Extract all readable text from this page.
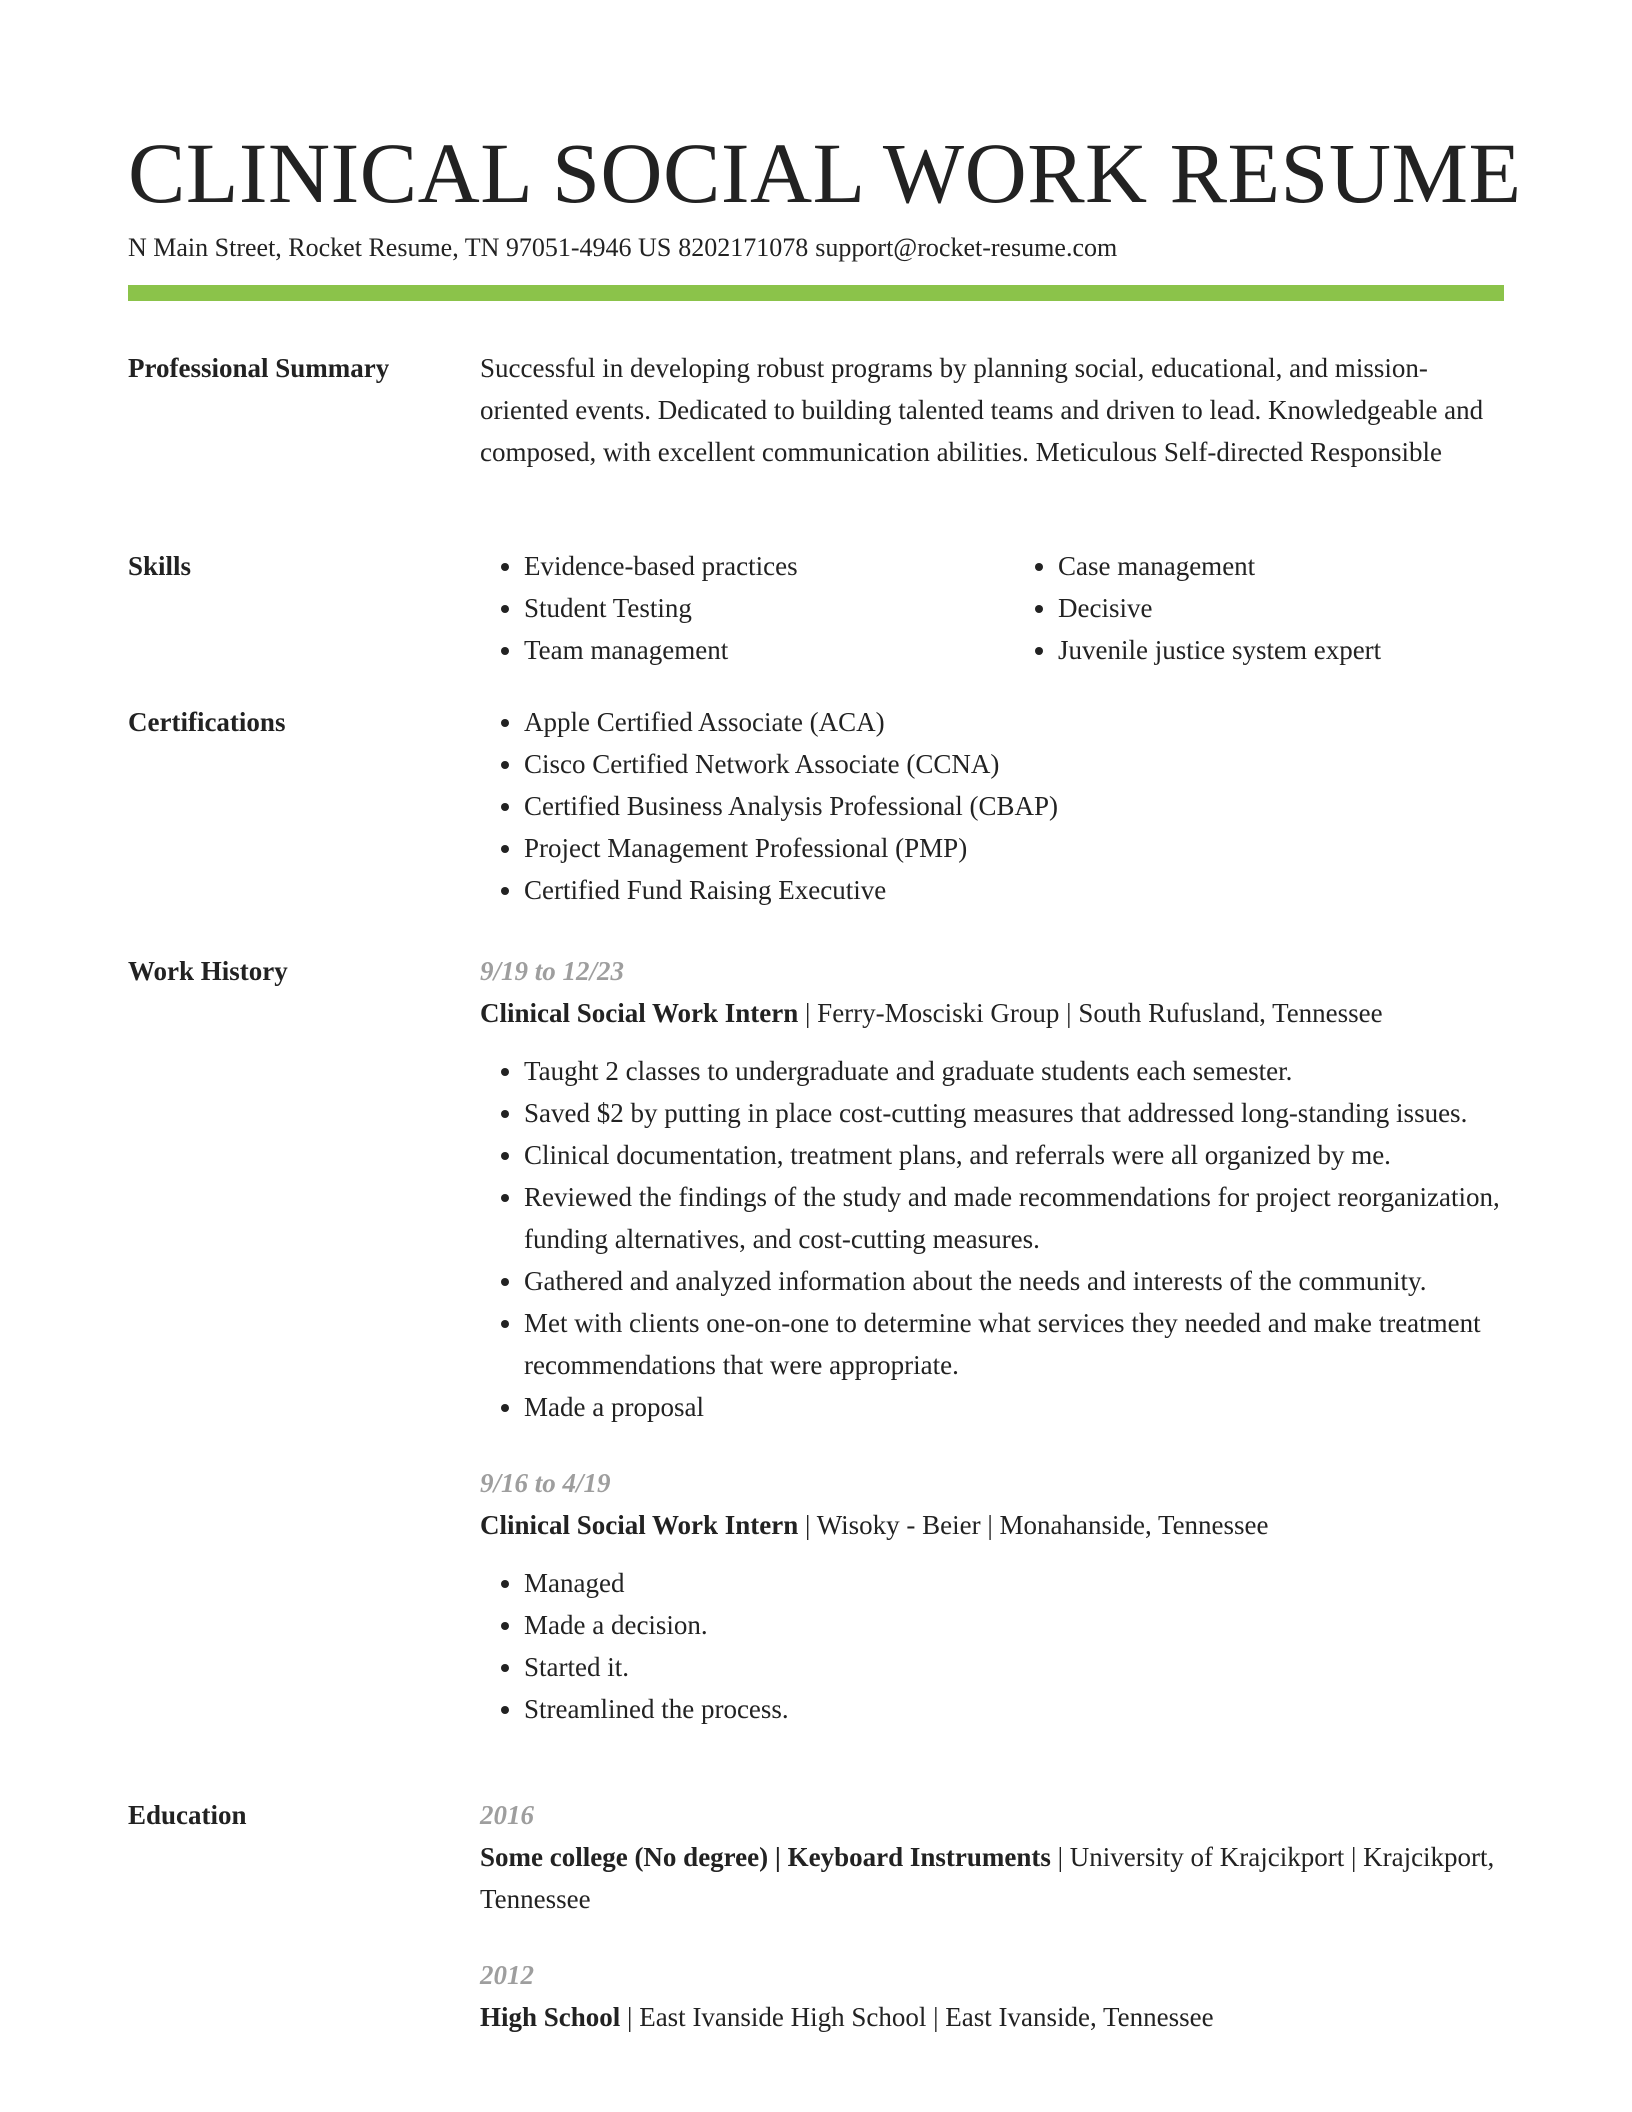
CLINICAL SOCIAL WORK RESUME
N Main Street, Rocket Resume, TN 97051-4946 US 8202171078 support@rocket-resume.com
Professional Summary	Successful in developing robust programs by planning social, educational, and mission-oriented events. Dedicated to building talented teams and driven to lead. Knowledgeable and composed, with excellent communication abilities. Meticulous Self-directed Responsible

Skills	• Evidence-based practices
• Student Testing
• Team management
• Case management
• Decisive
• Juvenile justice system expert
Certifications	• Apple Certified Associate (ACA)
• Cisco Certified Network Associate (CCNA)
• Certified Business Analysis Professional (CBAP)
• Project Management Professional (PMP)
• Certified Fund Raising Executive
Work History	9/19 to 12/23
Clinical Social Work Intern | Ferry-Mosciski Group | South Rufusland, Tennessee
• Taught 2 classes to undergraduate and graduate students each semester.
• Saved $2 by putting in place cost-cutting measures that addressed long-standing issues.
• Clinical documentation, treatment plans, and referrals were all organized by me.
• Reviewed the findings of the study and made recommendations for project reorganization, funding alternatives, and cost-cutting measures.
• Gathered and analyzed information about the needs and interests of the community.
• Met with clients one-on-one to determine what services they needed and make treatment recommendations that were appropriate.
• Made a proposal
9/16 to 4/19
Clinical Social Work Intern | Wisoky - Beier | Monahanside, Tennessee
• Managed
• Made a decision.
• Started it.
• Streamlined the process.
Education	2016
Some college (No degree) | Keyboard Instruments | University of Krajcikport | Krajcikport, Tennessee
2012
High School | East Ivanside High School | East Ivanside, Tennessee
